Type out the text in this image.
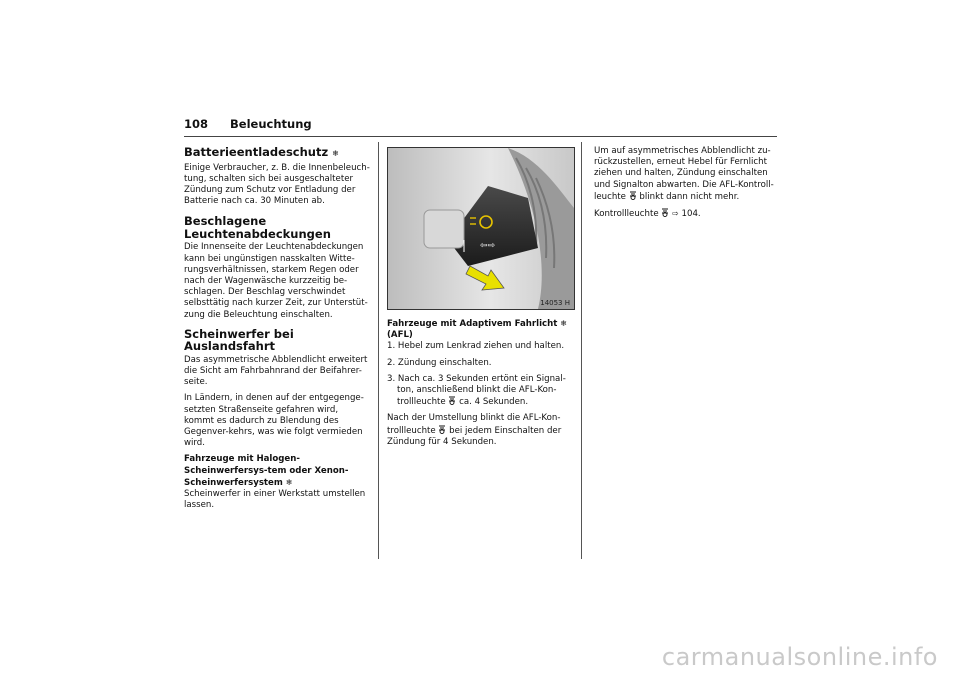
108 Beleuchtung
Batterieentladeschutz ❄

Einige Verbraucher, z. B. die Innenbeleuch-tung, schalten sich bei ausgeschalteter Zündung zum Schutz vor Entladung der Batterie nach ca. 30 Minuten ab.

Beschlagene Leuchtenabdeckungen

Die Innenseite der Leuchtenabdeckungen kann bei ungünstigen nasskalten Witte-rungsverhältnissen, starkem Regen oder nach der Wagenwäsche kurzzeitig be-schlagen. Der Beschlag verschwindet selbsttätig nach kurzer Zeit, zur Unterstüt-zung die Beleuchtung einschalten.

Scheinwerfer bei Auslandsfahrt

Das asymmetrische Abblendlicht erweitert die Sicht am Fahrbahnrand der Beifahrer-seite.

In Ländern, in denen auf der entgegenge-setzten Straßenseite gefahren wird, kommt es dadurch zu Blendung des Gegenver-kehrs, was wie folgt vermieden wird.

Fahrzeuge mit Halogen-Scheinwerfersys-tem oder Xenon-Scheinwerfersystem ❄

Scheinwerfer in einer Werkstatt umstellen lassen.

⇦⇨
14053 H
Fahrzeuge mit Adaptivem Fahrlicht ❄
(AFL)
1. Hebel zum Lenkrad ziehen und halten.
2. Zündung einschalten.
3. Nach ca. 3 Sekunden ertönt ein Signal-ton, anschließend blinkt die AFL-Kon-trollleuchte ca. 4 Sekunden.

Nach der Umstellung blinkt die AFL-Kon-trollleuchte bei jedem Einschalten der Zündung für 4 Sekunden.

Um auf asymmetrisches Abblendlicht zu-rückzustellen, erneut Hebel für Fernlicht ziehen und halten, Zündung einschalten und Signalton abwarten. Die AFL-Kontroll-leuchte blinkt dann nicht mehr.

Kontrollleuchte ⇨ 104.

carmanualsonline.info
